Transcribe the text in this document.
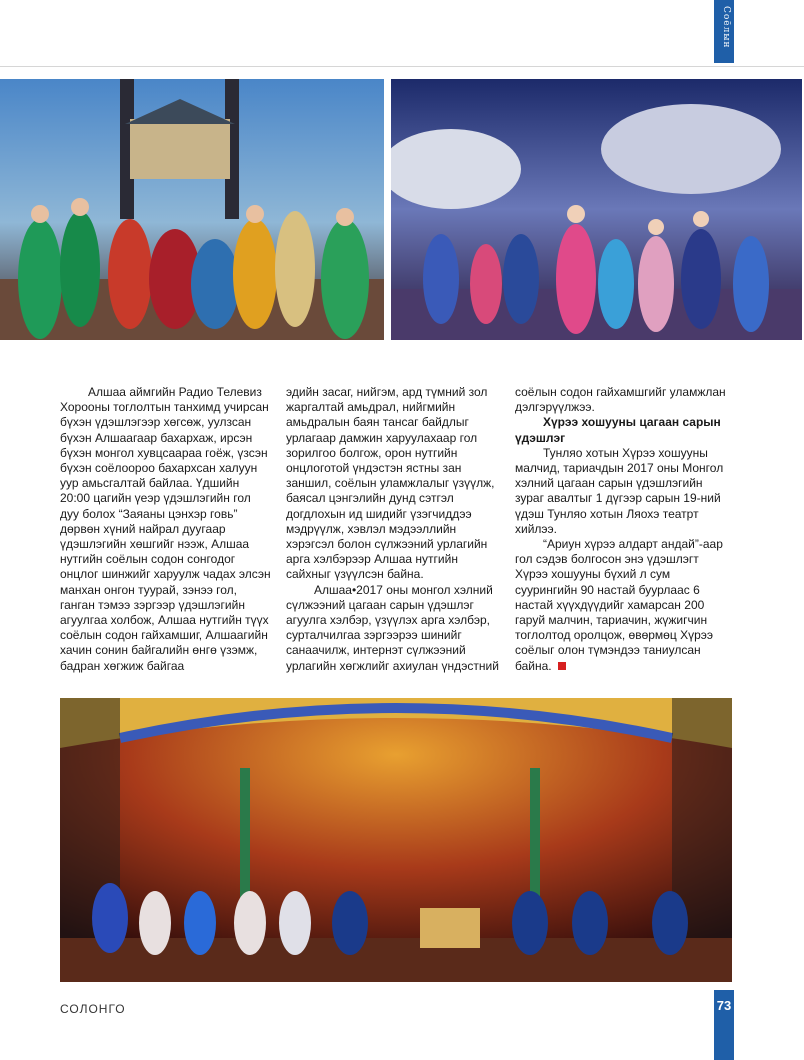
Соёлын

Алшаа аймгийн Радио Телевиз Хорооны тоглолтын танхимд учирсан бүхэн үдэшлэгээр хөгсөж, уулзсан бүхэн Алшаагаар бахархаж, ирсэн бүхэн монгол хувцсаараа гоёж, үзсэн бүхэн соёлоороо бахархсан халуун уур амьсгалтай байлаа. Үдшийн 20:00 цагийн үеэр үдэшлэгийн гол дуу болох “Заяаны цэнхэр говь” дөрвөн хүний найрал дуугаар үдэшлэгийн хөшгийг нээж, Алшаа нутгийн соёлын содон сонгодог онцлог шинжийг харуулж чадах элсэн манхан онгон туурай, зэнээ гол, ганган тэмээ зэргээр үдэшлэгийн агуулгаа холбож, Алшаа нутгийн түүх соёлын содон гайхамшиг, Алшаагийн хачин сонин байгалийн өнгө үзэмж, бадран хөгжиж байгаа

эдийн засаг, нийгэм, ард түмний зол жаргалтай амьдрал, нийгмийн амьдралын баян тансаг байдлыг урлагаар дамжин харуулахаар гол зорилгоо болгож, орон нутгийн онцлоготой үндэстэн ястны зан заншил, соёлын уламжлалыг үзүүлж, баясал цэнгэлийн дунд сэтгэл догдлохын ид шидийг үзэгчиддээ мэдрүүлж, хэвлэл мэдээллийн хэрэгсэл болон сүлжээний урлагийн арга хэлбэрээр Алшаа нутгийн сайхныг үзүүлсэн байна.

Алшаа•2017 оны монгол хэлний сүлжээний цагаан сарын үдэшлэг агуулга хэлбэр, үзүүлэх арга хэлбэр, сурталчилгаа зэргээрээ шинийг санаачилж, интернэт сүлжээний урлагийн хөгжлийг ахиулан үндэстний

соёлын содон гайхамшгийг уламжлан дэлгэрүүлжээ.

Хүрээ хошууны цагаан сарын үдэшлэг

Тунляо хотын Хүрээ хошууны малчид, тариачдын 2017 оны Монгол хэлний цагаан сарын үдэшлэгийн зураг авалтыг 1 дүгээр сарын 19-ний үдэш Тунляо хотын Ляохэ театрт хийлээ.

“Ариун хүрээ алдарт андай”-аар гол сэдэв болгосон энэ үдэшлэгт Хүрээ хошууны бүхий л сум суурингийн 90 настай буурлаас 6 настай хүүхдүүдийг хамарсан 200 гаруй малчин, тариачин, жүжигчин тоглолтод оролцож, өвөрмөц Хүрээ соёлыг олон түмэндээ таниулсан байна.

СОЛОНГО	73
